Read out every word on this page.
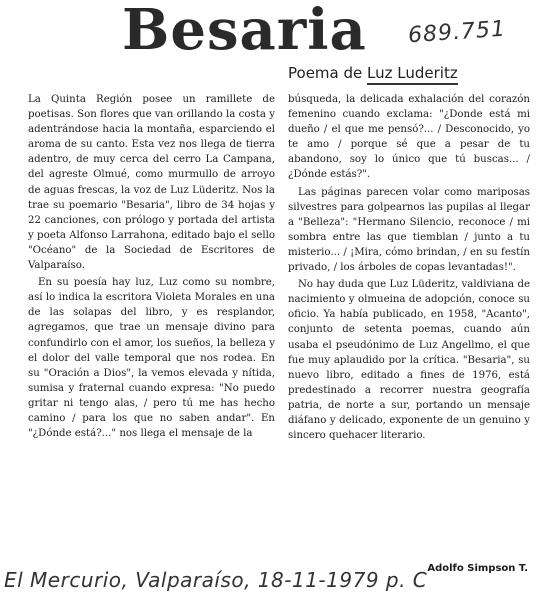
Besaria 689.751
Poema de Luz Luderitz

La Quinta Región posee un ramillete de poetisas. Son flores que van orillando la costa y adentrándose hacia la montaña, esparciendo el aroma de su canto. Esta vez nos llega de tierra adentro, de muy cerca del cerro La Campana, del agreste Olmué, como murmullo de arroyo de aguas frescas, la voz de Luz Lüderitz. Nos la trae su poemario "Besaria", libro de 34 hojas y 22 canciones, con prólogo y portada del artista y poeta Alfonso Larrahona, editado bajo el sello "Océano" de la Sociedad de Escritores de Valparaíso.

En su poesía hay luz, Luz como su nombre, así lo indica la escritora Violeta Morales en una de las solapas del libro, y es resplandor, agregamos, que trae un mensaje divino para confundirlo con el amor, los sueños, la belleza y el dolor del valle temporal que nos rodea. En su "Oración a Dios", la vemos elevada y nítida, sumisa y fraternal cuando expresa: "No puedo gritar ni tengo alas, / pero tú me has hecho camino / para los que no saben andar". En "¿Dónde está?..." nos llega el mensaje de la

búsqueda, la delicada exhalación del corazón femenino cuando exclama: "¿Donde está mi dueño / el que me pensó?... / Desconocido, yo te amo / porque sé que a pesar de tu abandono, soy lo único que tú buscas... / ¿Dónde estás?".

Las páginas parecen volar como mariposas silvestres para golpearnos las pupilas al llegar a "Belleza": "Hermano Silencio, reconoce / mi sombra entre las que tiemblan / junto a tu misterio... / ¡Mira, cómo brindan, / en su festín privado, / los árboles de copas levantadas!".

No hay duda que Luz Lüderitz, valdiviana de nacimiento y olmueina de adopción, conoce su oficio. Ya había publicado, en 1958, "Acanto", conjunto de setenta poemas, cuando aún usaba el pseudónimo de Luz Angellmo, el que fue muy aplaudido por la crítica. "Besaria", su nuevo libro, editado a fines de 1976, está predestinado a recorrer nuestra geografía patria, de norte a sur, portando un mensaje diáfano y delicado, exponente de un genuino y sincero quehacer literario.

Adolfo Simpson T.
El Mercurio, Valparaíso, 18-11-1979 p. C
